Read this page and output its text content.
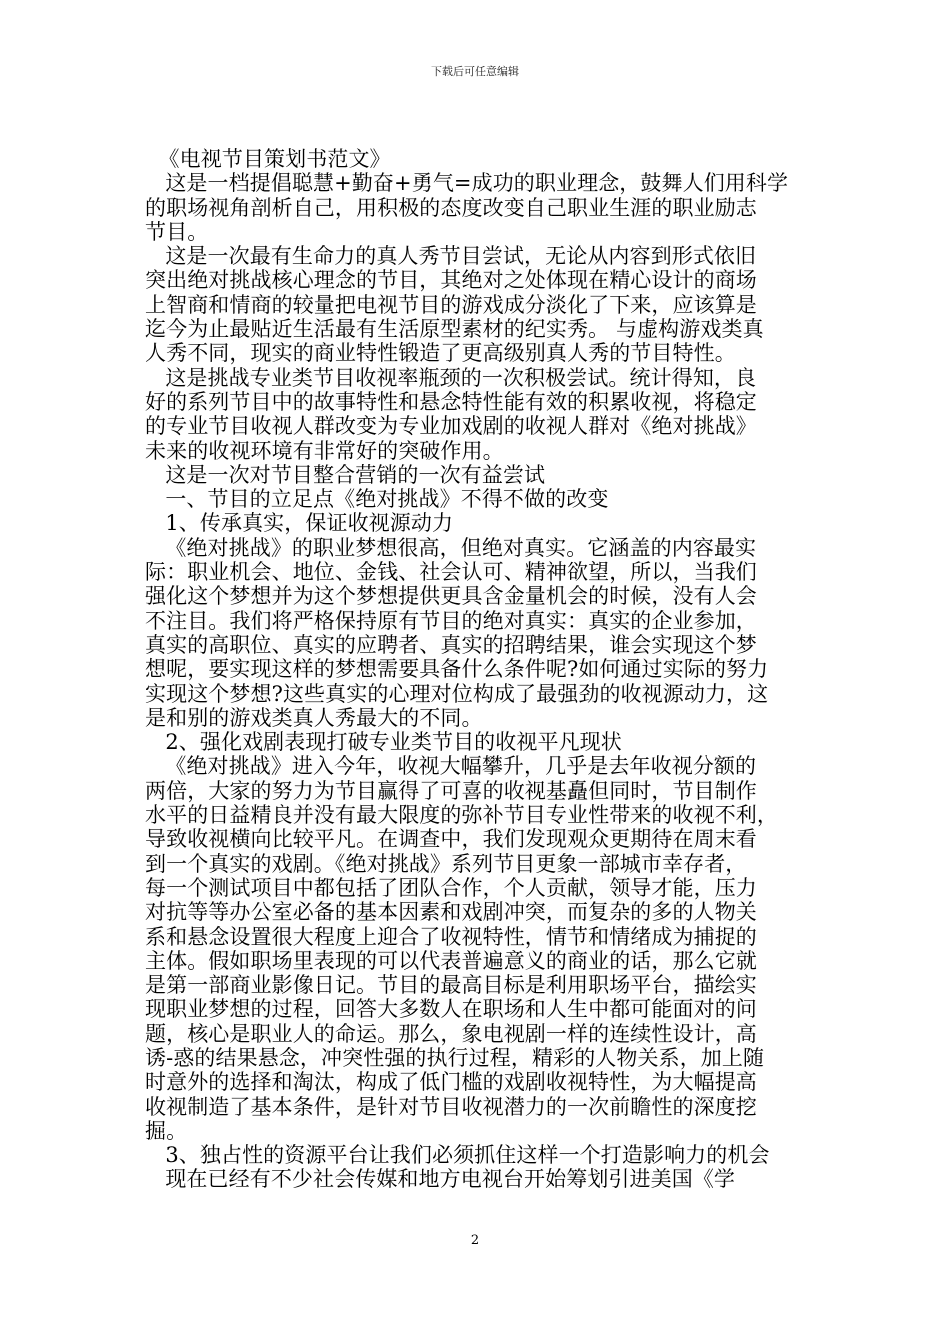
下载后可任意编辑
《电视节目策划书范文》
这是一档提倡聪慧+勤奋+勇气=成功的职业理念，鼓舞人们用科学
的职场视角剖析自己，用积极的态度改变自己职业生涯的职业励志
节目。
这是一次最有生命力的真人秀节目尝试，无论从内容到形式依旧
突出绝对挑战核心理念的节目，其绝对之处体现在精心设计的商场
上智商和情商的较量把电视节目的游戏成分淡化了下来，应该算是
迄今为止最贴近生活最有生活原型素材的纪实秀。 与虚构游戏类真
人秀不同，现实的商业特性锻造了更高级别真人秀的节目特性。
这是挑战专业类节目收视率瓶颈的一次积极尝试。统计得知，良
好的系列节目中的故事特性和悬念特性能有效的积累收视，将稳定
的专业节目收视人群改变为专业加戏剧的收视人群对《绝对挑战》
未来的收视环境有非常好的突破作用。
这是一次对节目整合营销的一次有益尝试
一、节目的立足点《绝对挑战》不得不做的改变
1、传承真实，保证收视源动力
《绝对挑战》的职业梦想很高，但绝对真实。它涵盖的内容最实
际：职业机会、地位、金钱、社会认可、精神欲望，所以，当我们
强化这个梦想并为这个梦想提供更具含金量机会的时候，没有人会
不注目。我们将严格保持原有节目的绝对真实：真实的企业参加，
真实的高职位、真实的应聘者、真实的招聘结果，谁会实现这个梦
想呢，要实现这样的梦想需要具备什么条件呢?如何通过实际的努力
实现这个梦想?这些真实的心理对位构成了最强劲的收视源动力，这
是和别的游戏类真人秀最大的不同。
2、强化戏剧表现打破专业类节目的收视平凡现状
《绝对挑战》进入今年，收视大幅攀升，几乎是去年收视分额的
两倍，大家的努力为节目赢得了可喜的收视基矗但同时，节目制作
水平的日益精良并没有最大限度的弥补节目专业性带来的收视不利，
导致收视横向比较平凡。在调查中，我们发现观众更期待在周末看
到一个真实的戏剧。《绝对挑战》系列节目更象一部城市幸存者，
每一个测试项目中都包括了团队合作，个人贡献，领导才能，压力
对抗等等办公室必备的基本因素和戏剧冲突，而复杂的多的人物关
系和悬念设置很大程度上迎合了收视特性，情节和情绪成为捕捉的
主体。假如职场里表现的可以代表普遍意义的商业的话，那么它就
是第一部商业影像日记。节目的最高目标是利用职场平台，描绘实
现职业梦想的过程，回答大多数人在职场和人生中都可能面对的问
题，核心是职业人的命运。那么，象电视剧一样的连续性设计，高
诱-惑的结果悬念，冲突性强的执行过程，精彩的人物关系，加上随
时意外的选择和淘汰，构成了低门槛的戏剧收视特性，为大幅提高
收视制造了基本条件，是针对节目收视潜力的一次前瞻性的深度挖
掘。
3、独占性的资源平台让我们必须抓住这样一个打造影响力的机会
现在已经有不少社会传媒和地方电视台开始筹划引进美国《学
2
